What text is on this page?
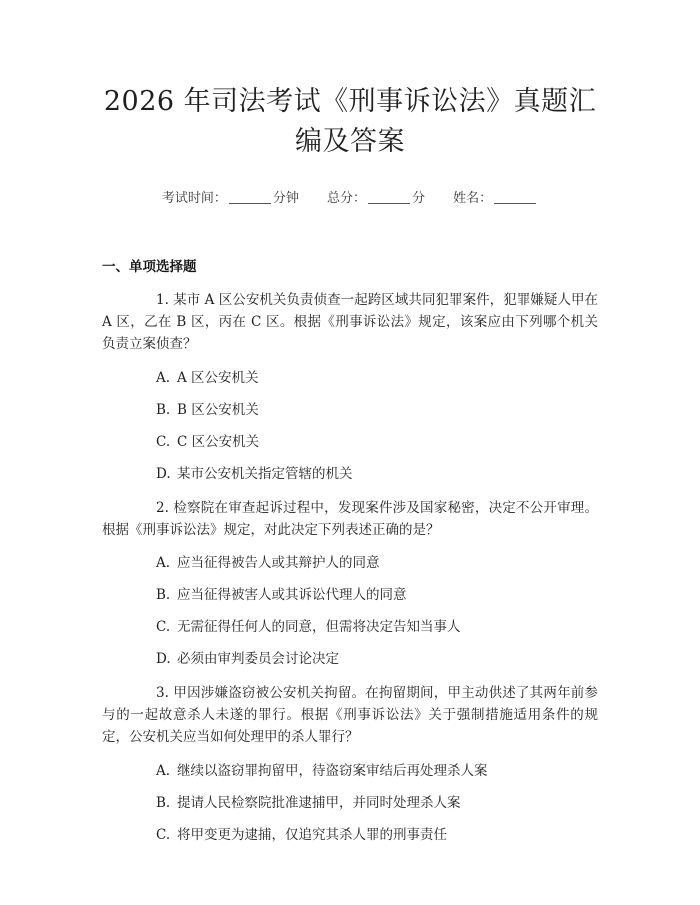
2026 年司法考试《刑事诉讼法》真题汇编及答案
考试时间：	分钟 总分：	分 姓名：
一、单项选择题

1. 某市 A 区公安机关负责侦查一起跨区域共同犯罪案件，犯罪嫌疑人甲在 A 区，乙在 B 区，丙在 C 区。根据《刑事诉讼法》规定，该案应由下列哪个机关负责立案侦查？

A. A 区公安机关
B. B 区公安机关
C. C 区公安机关
D. 某市公安机关指定管辖的机关

2. 检察院在审查起诉过程中，发现案件涉及国家秘密，决定不公开审理。根据《刑事诉讼法》规定，对此决定下列表述正确的是？

A. 应当征得被告人或其辩护人的同意
B. 应当征得被害人或其诉讼代理人的同意
C. 无需征得任何人的同意，但需将决定告知当事人
D. 必须由审判委员会讨论决定

3. 甲因涉嫌盗窃被公安机关拘留。在拘留期间，甲主动供述了其两年前参与的一起故意杀人未遂的罪行。根据《刑事诉讼法》关于强制措施适用条件的规定，公安机关应当如何处理甲的杀人罪行？

A. 继续以盗窃罪拘留甲，待盗窃案审结后再处理杀人案
B. 提请人民检察院批准逮捕甲，并同时处理杀人案
C. 将甲变更为逮捕，仅追究其杀人罪的刑事责任
